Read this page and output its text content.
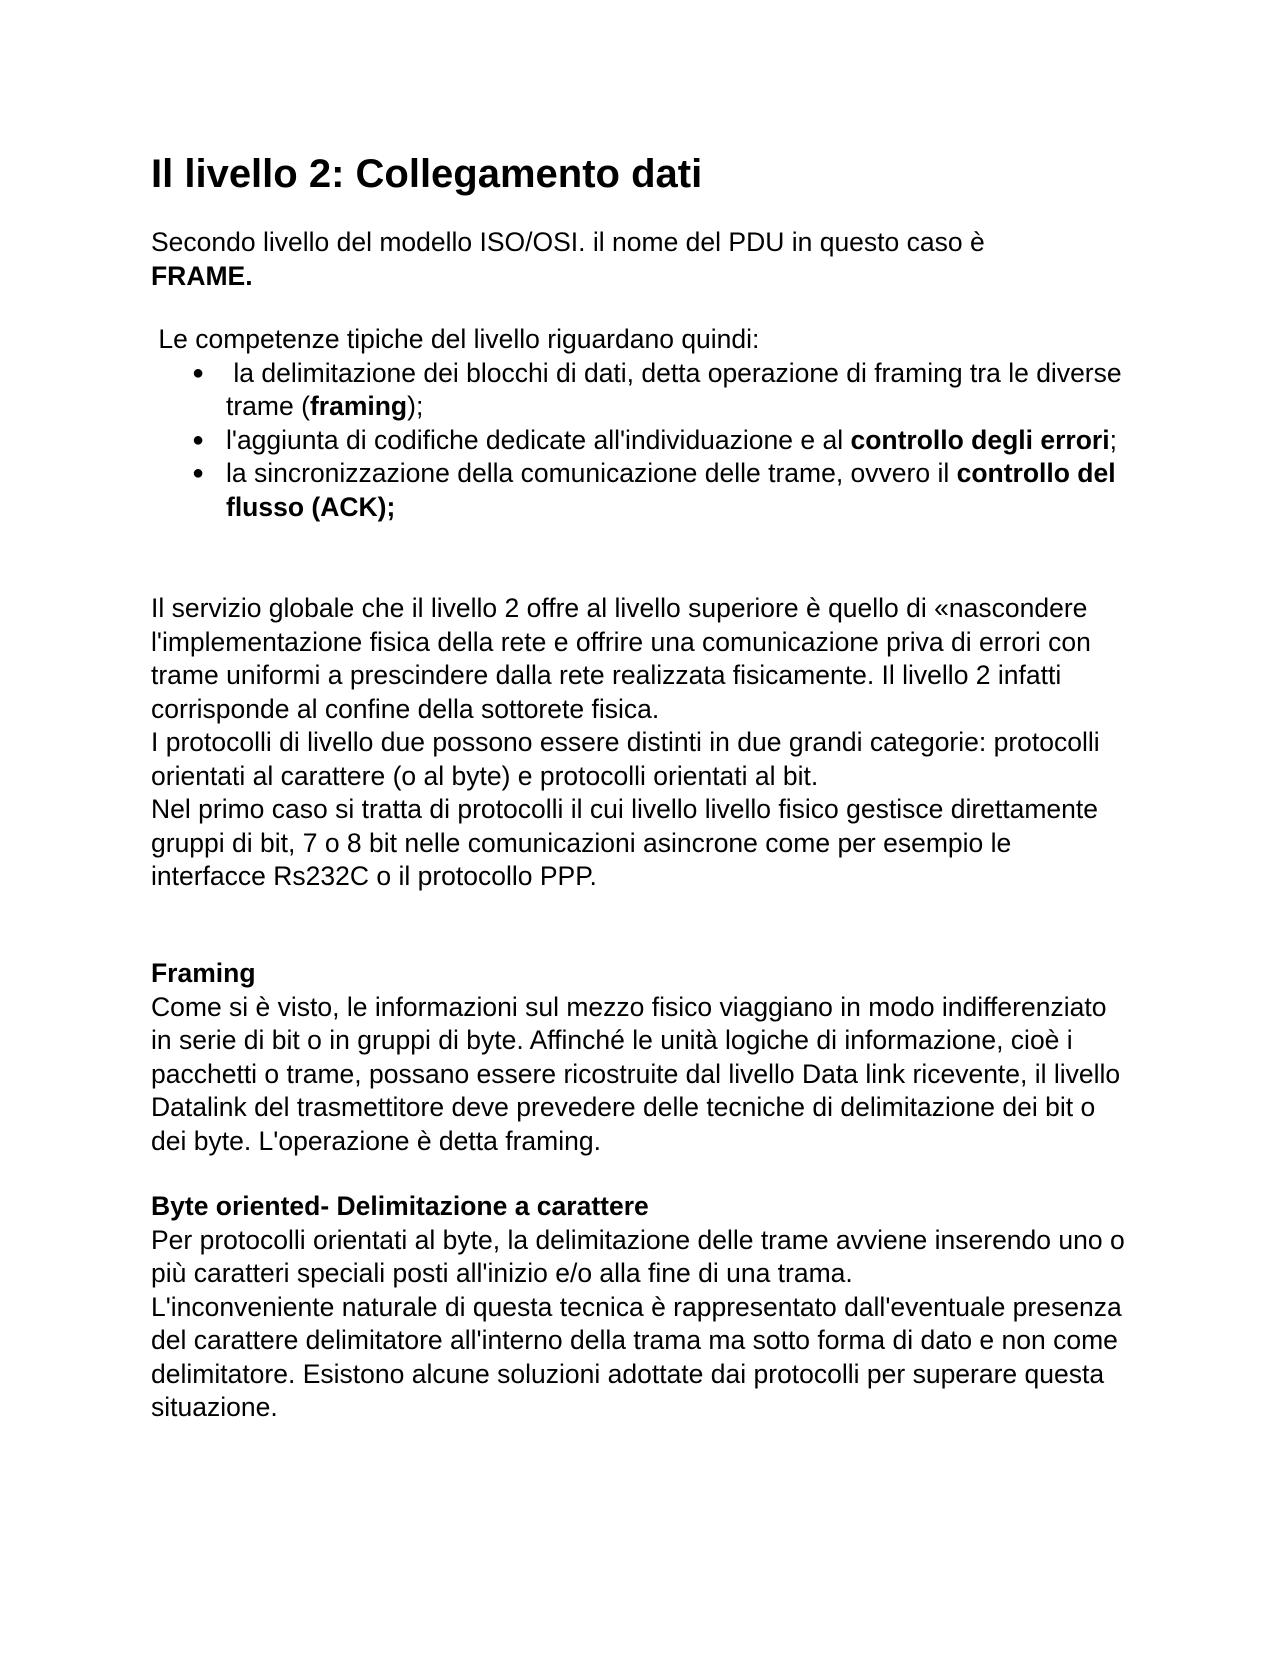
Il livello 2: Collegamento dati

Secondo livello del modello ISO/OSI. il nome del PDU in questo caso è
FRAME.

Le competenze tipiche del livello riguardano quindi:

● la delimitazione dei blocchi di dati, detta operazione di framing tra le diverse trame (framing);
● l'aggiunta di codifiche dedicate all'individuazione e al controllo degli errori;
● la sincronizzazione della comunicazione delle trame, ovvero il controllo del flusso (ACK);

Il servizio globale che il livello 2 offre al livello superiore è quello di «nascondere l'implementazione fisica della rete e offrire una comunicazione priva di errori con trame uniformi a prescindere dalla rete realizzata fisicamente. Il livello 2 infatti corrisponde al confine della sottorete fisica.

I protocolli di livello due possono essere distinti in due grandi categorie: protocolli orientati al carattere (o al byte) e protocolli orientati al bit.

Nel primo caso si tratta di protocolli il cui livello livello fisico gestisce direttamente gruppi di bit, 7 o 8 bit nelle comunicazioni asincrone come per esempio le interfacce Rs232C o il protocollo PPP.

Framing

Come si è visto, le informazioni sul mezzo fisico viaggiano in modo indifferenziato in serie di bit o in gruppi di byte. Affinché le unità logiche di informazione, cioè i pacchetti o trame, possano essere ricostruite dal livello Data link ricevente, il livello Datalink del trasmettitore deve prevedere delle tecniche di delimitazione dei bit o dei byte. L'operazione è detta framing.

Byte oriented- Delimitazione a carattere

Per protocolli orientati al byte, la delimitazione delle trame avviene inserendo uno o più caratteri speciali posti all'inizio e/o alla fine di una trama.

L'inconveniente naturale di questa tecnica è rappresentato dall'eventuale presenza del carattere delimitatore all'interno della trama ma sotto forma di dato e non come delimitatore. Esistono alcune soluzioni adottate dai protocolli per superare questa situazione.
